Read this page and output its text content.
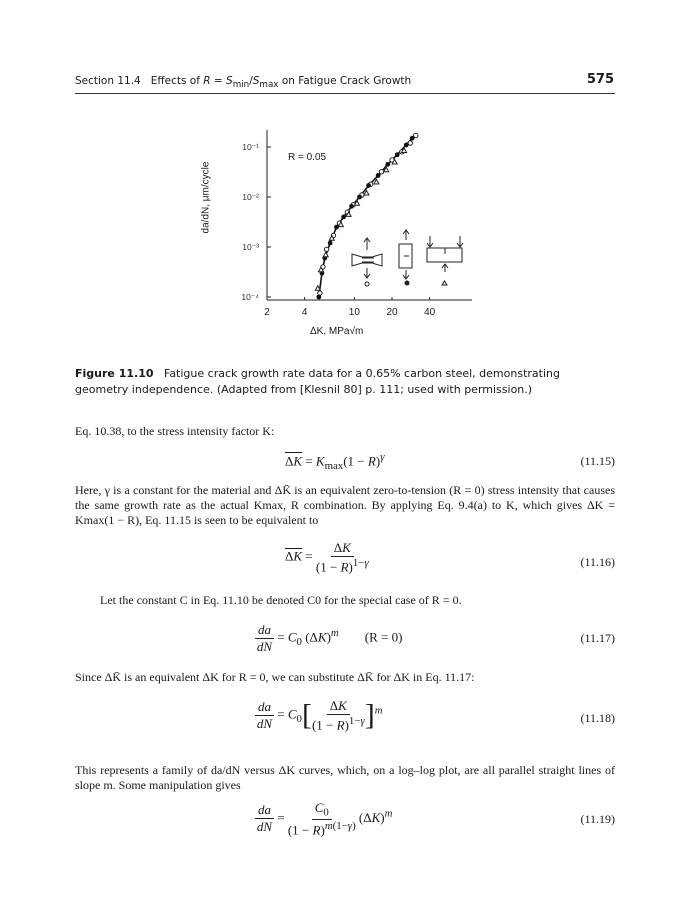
Section 11.4   Effects of $R = S_{min}/S_{max}$ on Fatigue Crack Growth	575
2	4	10	20	40
10⁻¹
10⁻²
10⁻³
10⁻⁴
R = 0.05
da/dN, μm/cycle
ΔK, MPa√m
Figure 11.10 Fatigue crack growth rate data for a 0.65% carbon steel, demonstrating geometry independence. (Adapted from [Klesnil 80] p. 111; used with permission.)
Eq. 10.38, to the stress intensity factor K:
$\Delta K = K_{max}(1 - R)^\gamma$	(11.15)
Here, γ is a constant for the material and ΔK̄ is an equivalent zero-to-tension (R = 0) stress intensity that causes the same growth rate as the actual Kmax, R combination. By applying Eq. 9.4(a) to K, which gives ΔK = Kmax(1 − R), Eq. 11.15 is seen to be equivalent to
$\Delta K = \frac{\Delta K}{(1 - R)^{1-\gamma}}$	(11.16)
Let the constant C in Eq. 11.10 be denoted C0 for the special case of R = 0.
$\frac{da}{dN} = C_0$ $(\Delta K)^m$ (R = 0)	(11.17)
Since ΔK̄ is an equivalent ΔK for R = 0, we can substitute ΔK̄ for ΔK in Eq. 11.17:
$\frac{da}{dN} = C_0[ \frac{\Delta K}{(1 - R)^{1-\gamma}} ]^m$
(11.18)
This represents a family of da/dN versus ΔK curves, which, on a log–log plot, are all parallel straight lines of slope m. Some manipulation gives
$\frac{da}{dN} = \frac{C_0}{(1 - R)^{m(1-\gamma)}} (\Delta K)^m$	(11.19)
